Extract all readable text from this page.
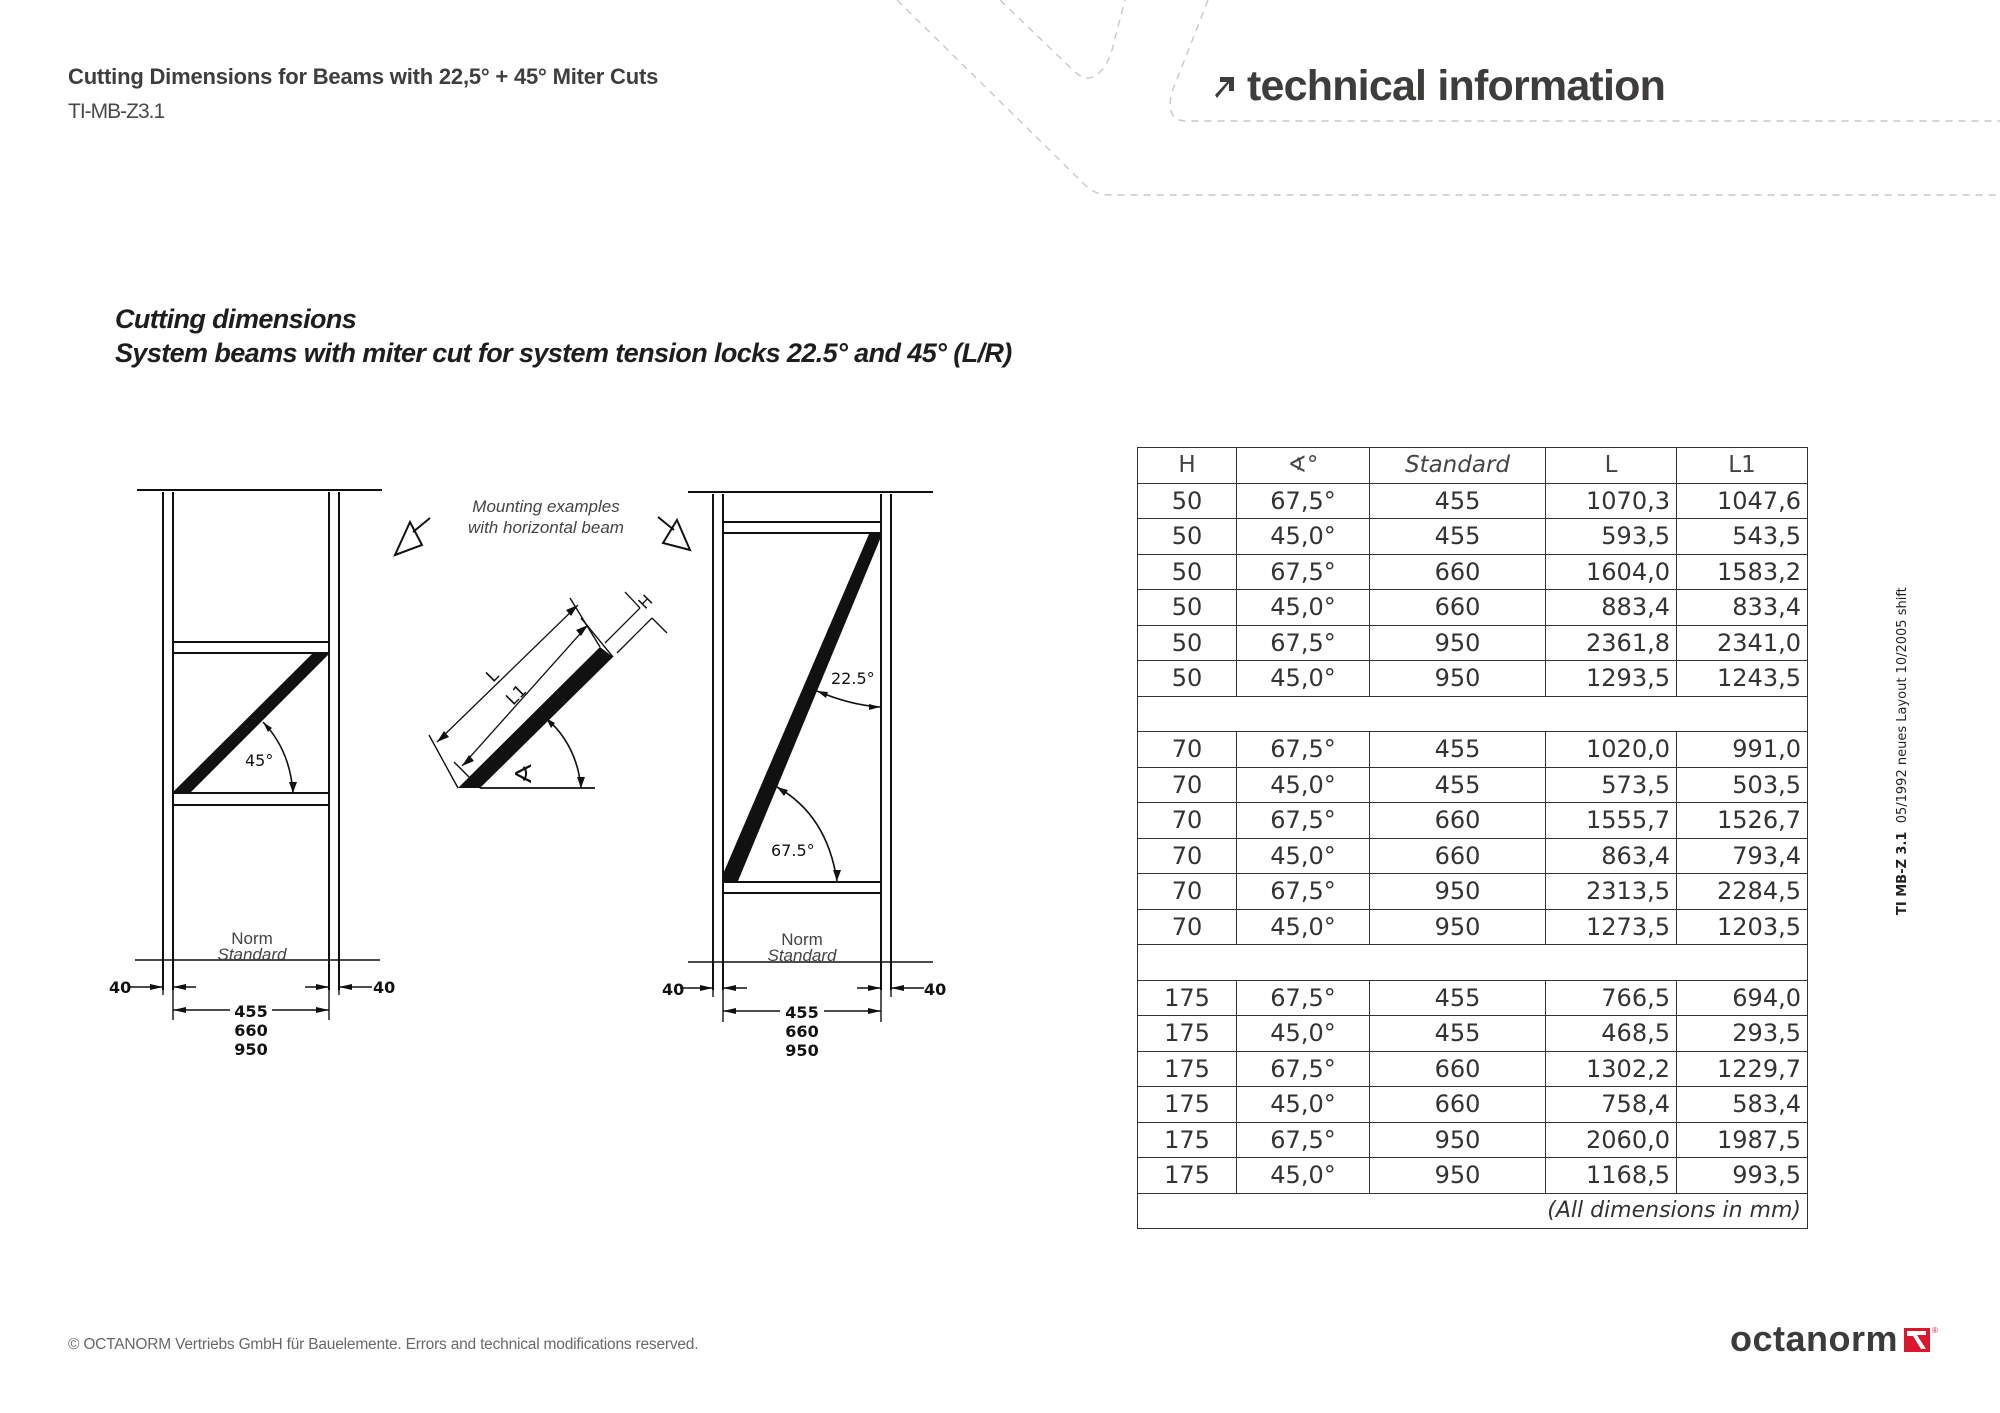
Cutting Dimensions for Beams with 22,5° + 45° Miter Cuts
TI-MB-Z3.1
technical information
Cutting dimensions
System beams with miter cut for system tension locks 22.5° and 45° (L/R)
45°
40	40
Norm
Standard
455
660
950
Mounting examples
with horizontal beam
L
L1
H
∢
22.5°
67.5°
40	40
Norm
Standard
455
660
950
H	∢°	Standard	L	L1
50	67,5°	455	1070,3	1047,6
50	45,0°	455	593,5	543,5
50	67,5°	660	1604,0	1583,2
50	45,0°	660	883,4	833,4
50	67,5°	950	2361,8	2341,0
50	45,0°	950	1293,5	1243,5

70	67,5°	455	1020,0	991,0
70	45,0°	455	573,5	503,5
70	67,5°	660	1555,7	1526,7
70	45,0°	660	863,4	793,4
70	67,5°	950	2313,5	2284,5
70	45,0°	950	1273,5	1203,5

175	67,5°	455	766,5	694,0
175	45,0°	455	468,5	293,5
175	67,5°	660	1302,2	1229,7
175	45,0°	660	758,4	583,4
175	67,5°	950	2060,0	1987,5
175	45,0°	950	1168,5	993,5
(All dimensions in mm)				
TI MB-Z 3.1  05/1992 neues Layout 10/2005 shift
© OCTANORM Vertriebs GmbH für Bauelemente. Errors and technical modifications reserved.	octanorm	®
